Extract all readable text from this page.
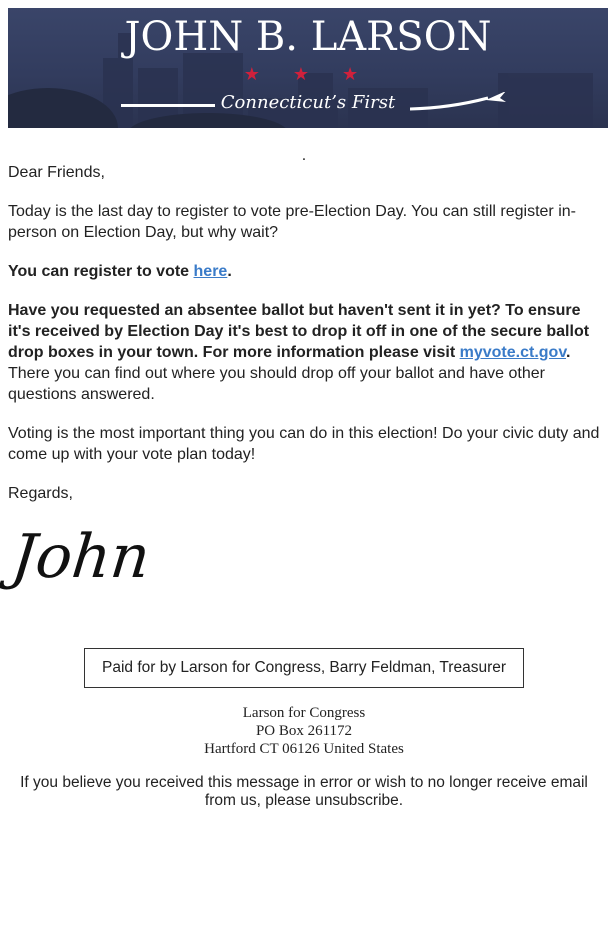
JOHN B. LARSON
★ ★ ★
Connecticut’s First
.

Dear Friends,

Today is the last day to register to vote pre-Election Day. You can still register in-person on Election Day, but why wait?

You can register to vote here.

Have you requested an absentee ballot but haven't sent it in yet? To ensure it's received by Election Day it's best to drop it off in one of the secure ballot drop boxes in your town. For more information please visit myvote.ct.gov. There you can find out where you should drop off your ballot and have other questions answered.

Voting is the most important thing you can do in this election! Do your civic duty and come up with your vote plan today!

Regards,

John
Paid for by Larson for Congress, Barry Feldman, Treasurer
Larson for Congress
PO Box 261172
Hartford CT 06126 United States
If you believe you received this message in error or wish to no longer receive email from us, please unsubscribe.
